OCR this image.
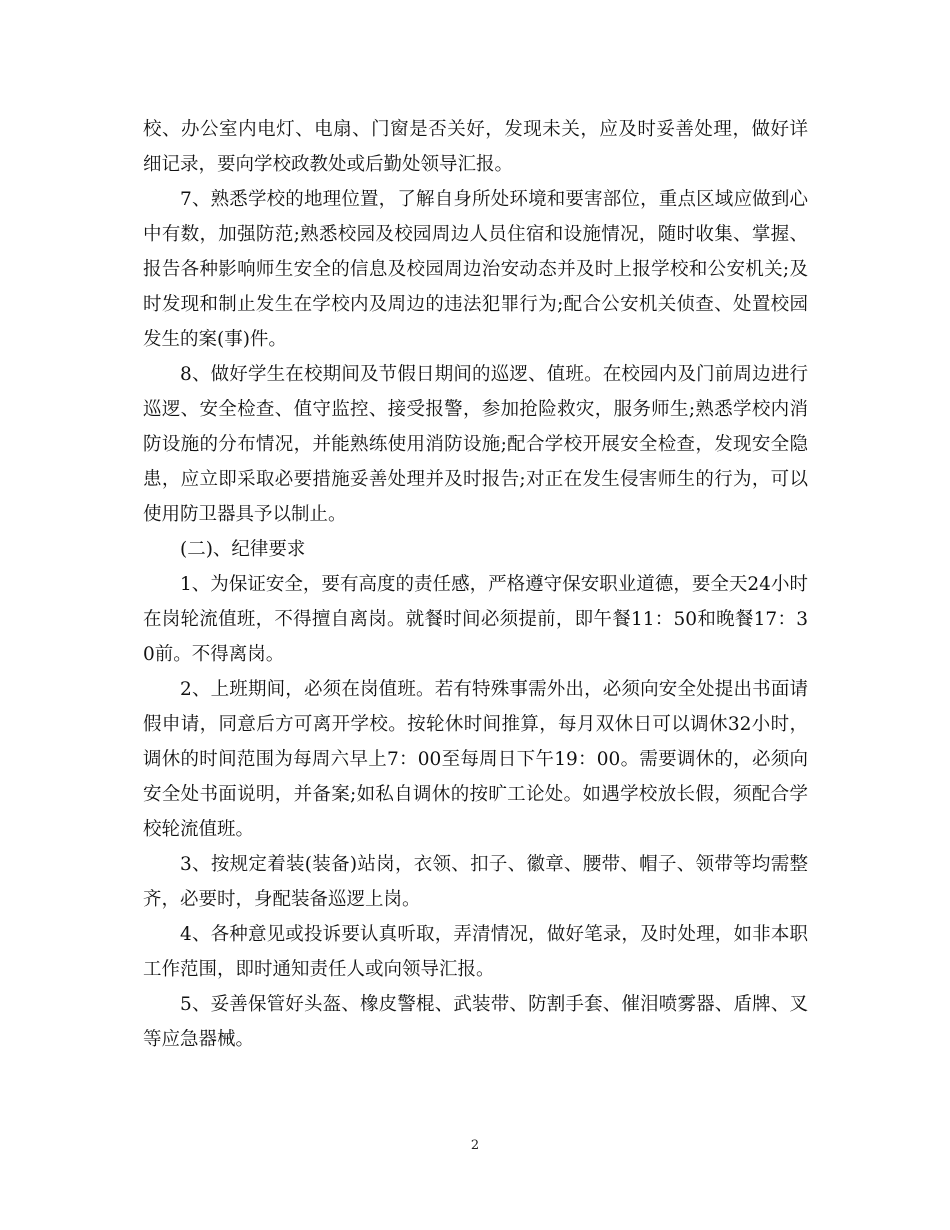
校、办公室内电灯、电扇、门窗是否关好，发现未关，应及时妥善处理，做好详细记录，要向学校政教处或后勤处领导汇报。

7、熟悉学校的地理位置，了解自身所处环境和要害部位，重点区域应做到心中有数，加强防范;熟悉校园及校园周边人员住宿和设施情况，随时收集、掌握、报告各种影响师生安全的信息及校园周边治安动态并及时上报学校和公安机关;及时发现和制止发生在学校内及周边的违法犯罪行为;配合公安机关侦查、处置校园发生的案(事)件。

8、做好学生在校期间及节假日期间的巡逻、值班。在校园内及门前周边进行巡逻、安全检查、值守监控、接受报警，参加抢险救灾，服务师生;熟悉学校内消防设施的分布情况，并能熟练使用消防设施;配合学校开展安全检查，发现安全隐患，应立即采取必要措施妥善处理并及时报告;对正在发生侵害师生的行为，可以使用防卫器具予以制止。

(二)、纪律要求

1、为保证安全，要有高度的责任感，严格遵守保安职业道德，要全天24小时在岗轮流值班，不得擅自离岗。就餐时间必须提前，即午餐11：50和晚餐17：30前。不得离岗。

2、上班期间，必须在岗值班。若有特殊事需外出，必须向安全处提出书面请假申请，同意后方可离开学校。按轮休时间推算，每月双休日可以调休32小时，调休的时间范围为每周六早上7：00至每周日下午19：00。需要调休的，必须向安全处书面说明，并备案;如私自调休的按旷工论处。如遇学校放长假，须配合学校轮流值班。

3、按规定着装(装备)站岗，衣领、扣子、徽章、腰带、帽子、领带等均需整齐，必要时，身配装备巡逻上岗。

4、各种意见或投诉要认真听取，弄清情况，做好笔录，及时处理，如非本职工作范围，即时通知责任人或向领导汇报。

5、妥善保管好头盔、橡皮警棍、武装带、防割手套、催泪喷雾器、盾牌、叉等应急器械。

2
